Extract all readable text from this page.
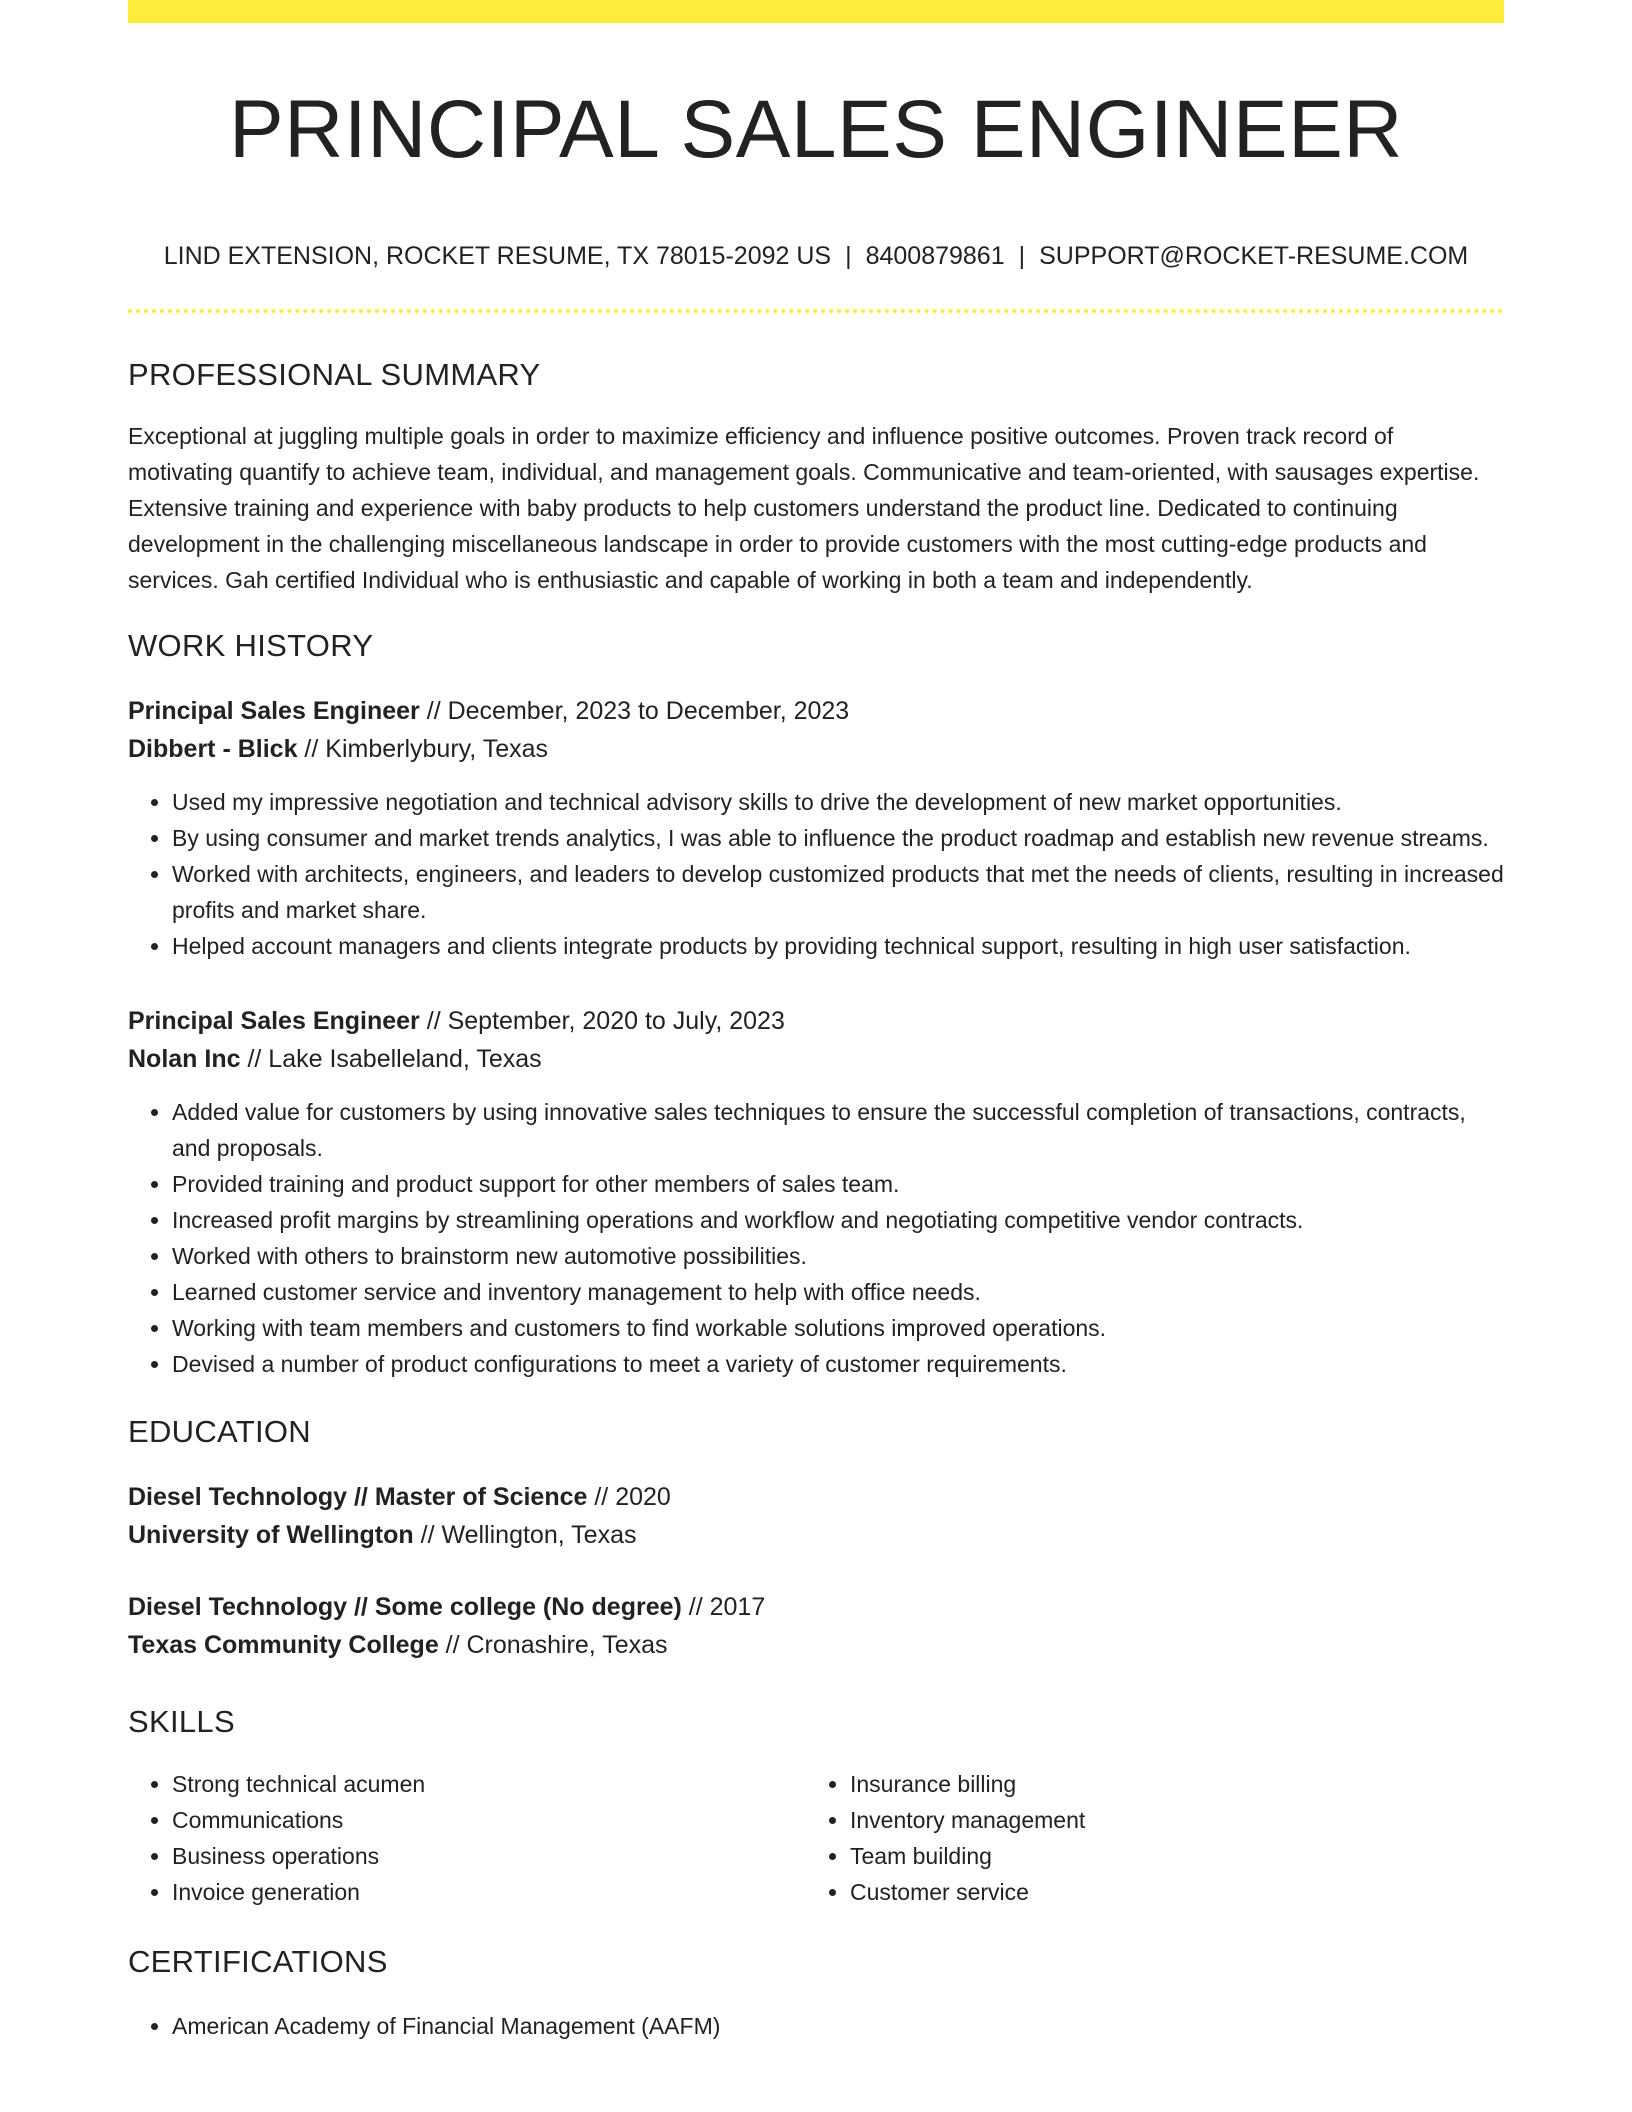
PRINCIPAL SALES ENGINEER
LIND EXTENSION, ROCKET RESUME, TX 78015-2092 US | 8400879861 | SUPPORT@ROCKET-RESUME.COM
PROFESSIONAL SUMMARY

Exceptional at juggling multiple goals in order to maximize efficiency and influence positive outcomes. Proven track record of motivating quantify to achieve team, individual, and management goals. Communicative and team-oriented, with sausages expertise. Extensive training and experience with baby products to help customers understand the product line. Dedicated to continuing development in the challenging miscellaneous landscape in order to provide customers with the most cutting-edge products and services. Gah certified Individual who is enthusiastic and capable of working in both a team and independently.

WORK HISTORY
Principal Sales Engineer // December, 2023 to December, 2023
Dibbert - Blick // Kimberlybury, Texas
• Used my impressive negotiation and technical advisory skills to drive the development of new market opportunities.
• By using consumer and market trends analytics, I was able to influence the product roadmap and establish new revenue streams.
• Worked with architects, engineers, and leaders to develop customized products that met the needs of clients, resulting in increased profits and market share.
• Helped account managers and clients integrate products by providing technical support, resulting in high user satisfaction.
Principal Sales Engineer // September, 2020 to July, 2023
Nolan Inc // Lake Isabelleland, Texas
• Added value for customers by using innovative sales techniques to ensure the successful completion of transactions, contracts, and proposals.
• Provided training and product support for other members of sales team.
• Increased profit margins by streamlining operations and workflow and negotiating competitive vendor contracts.
• Worked with others to brainstorm new automotive possibilities.
• Learned customer service and inventory management to help with office needs.
• Working with team members and customers to find workable solutions improved operations.
• Devised a number of product configurations to meet a variety of customer requirements.
EDUCATION
Diesel Technology // Master of Science // 2020
University of Wellington // Wellington, Texas
Diesel Technology // Some college (No degree) // 2017
Texas Community College // Cronashire, Texas
SKILLS
• Strong technical acumen
• Communications
• Business operations
• Invoice generation
• Insurance billing
• Inventory management
• Team building
• Customer service
CERTIFICATIONS
• American Academy of Financial Management (AAFM)
